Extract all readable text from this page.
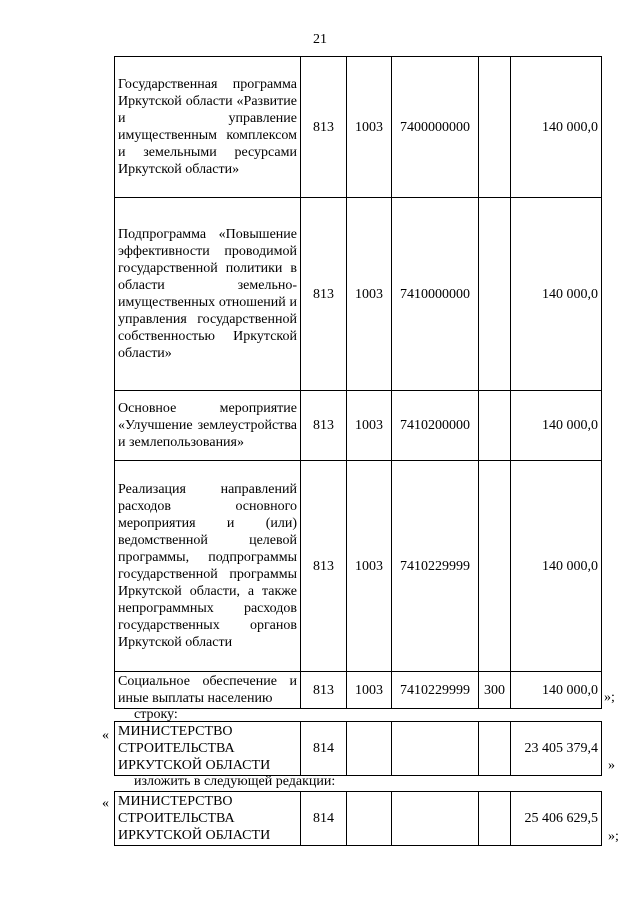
21
Государственная программа Иркутской области «Развитие и управление имущественным комплексом и земельными ресурсами Иркутской области»	813	1003	7400000000		140 000,0
Подпрограмма «Повышение эффективности проводимой государственной политики в области земельно-имущественных отношений и управления государственной собственностью Иркутской области»	813	1003	7410000000		140 000,0
Основное мероприятие «Улучшение землеустройства и землепользования»	813	1003	7410200000		140 000,0
Реализация направлений расходов основного мероприятия и (или) ведомственной целевой программы, подпрограммы государственной программы Иркутской области, а также непрограммных расходов государственных органов Иркутской области	813	1003	7410229999		140 000,0
Социальное обеспечение и иные выплаты населению	813	1003	7410229999	300	140 000,0 »;
строку:
« МИНИСТЕРСТВО СТРОИТЕЛЬСТВА ИРКУТСКОЙ ОБЛАСТИ	814				23 405 379,4
»
изложить в следующей редакции:
« МИНИСТЕРСТВО СТРОИТЕЛЬСТВА ИРКУТСКОЙ ОБЛАСТИ	814				25 406 629,5
»;
